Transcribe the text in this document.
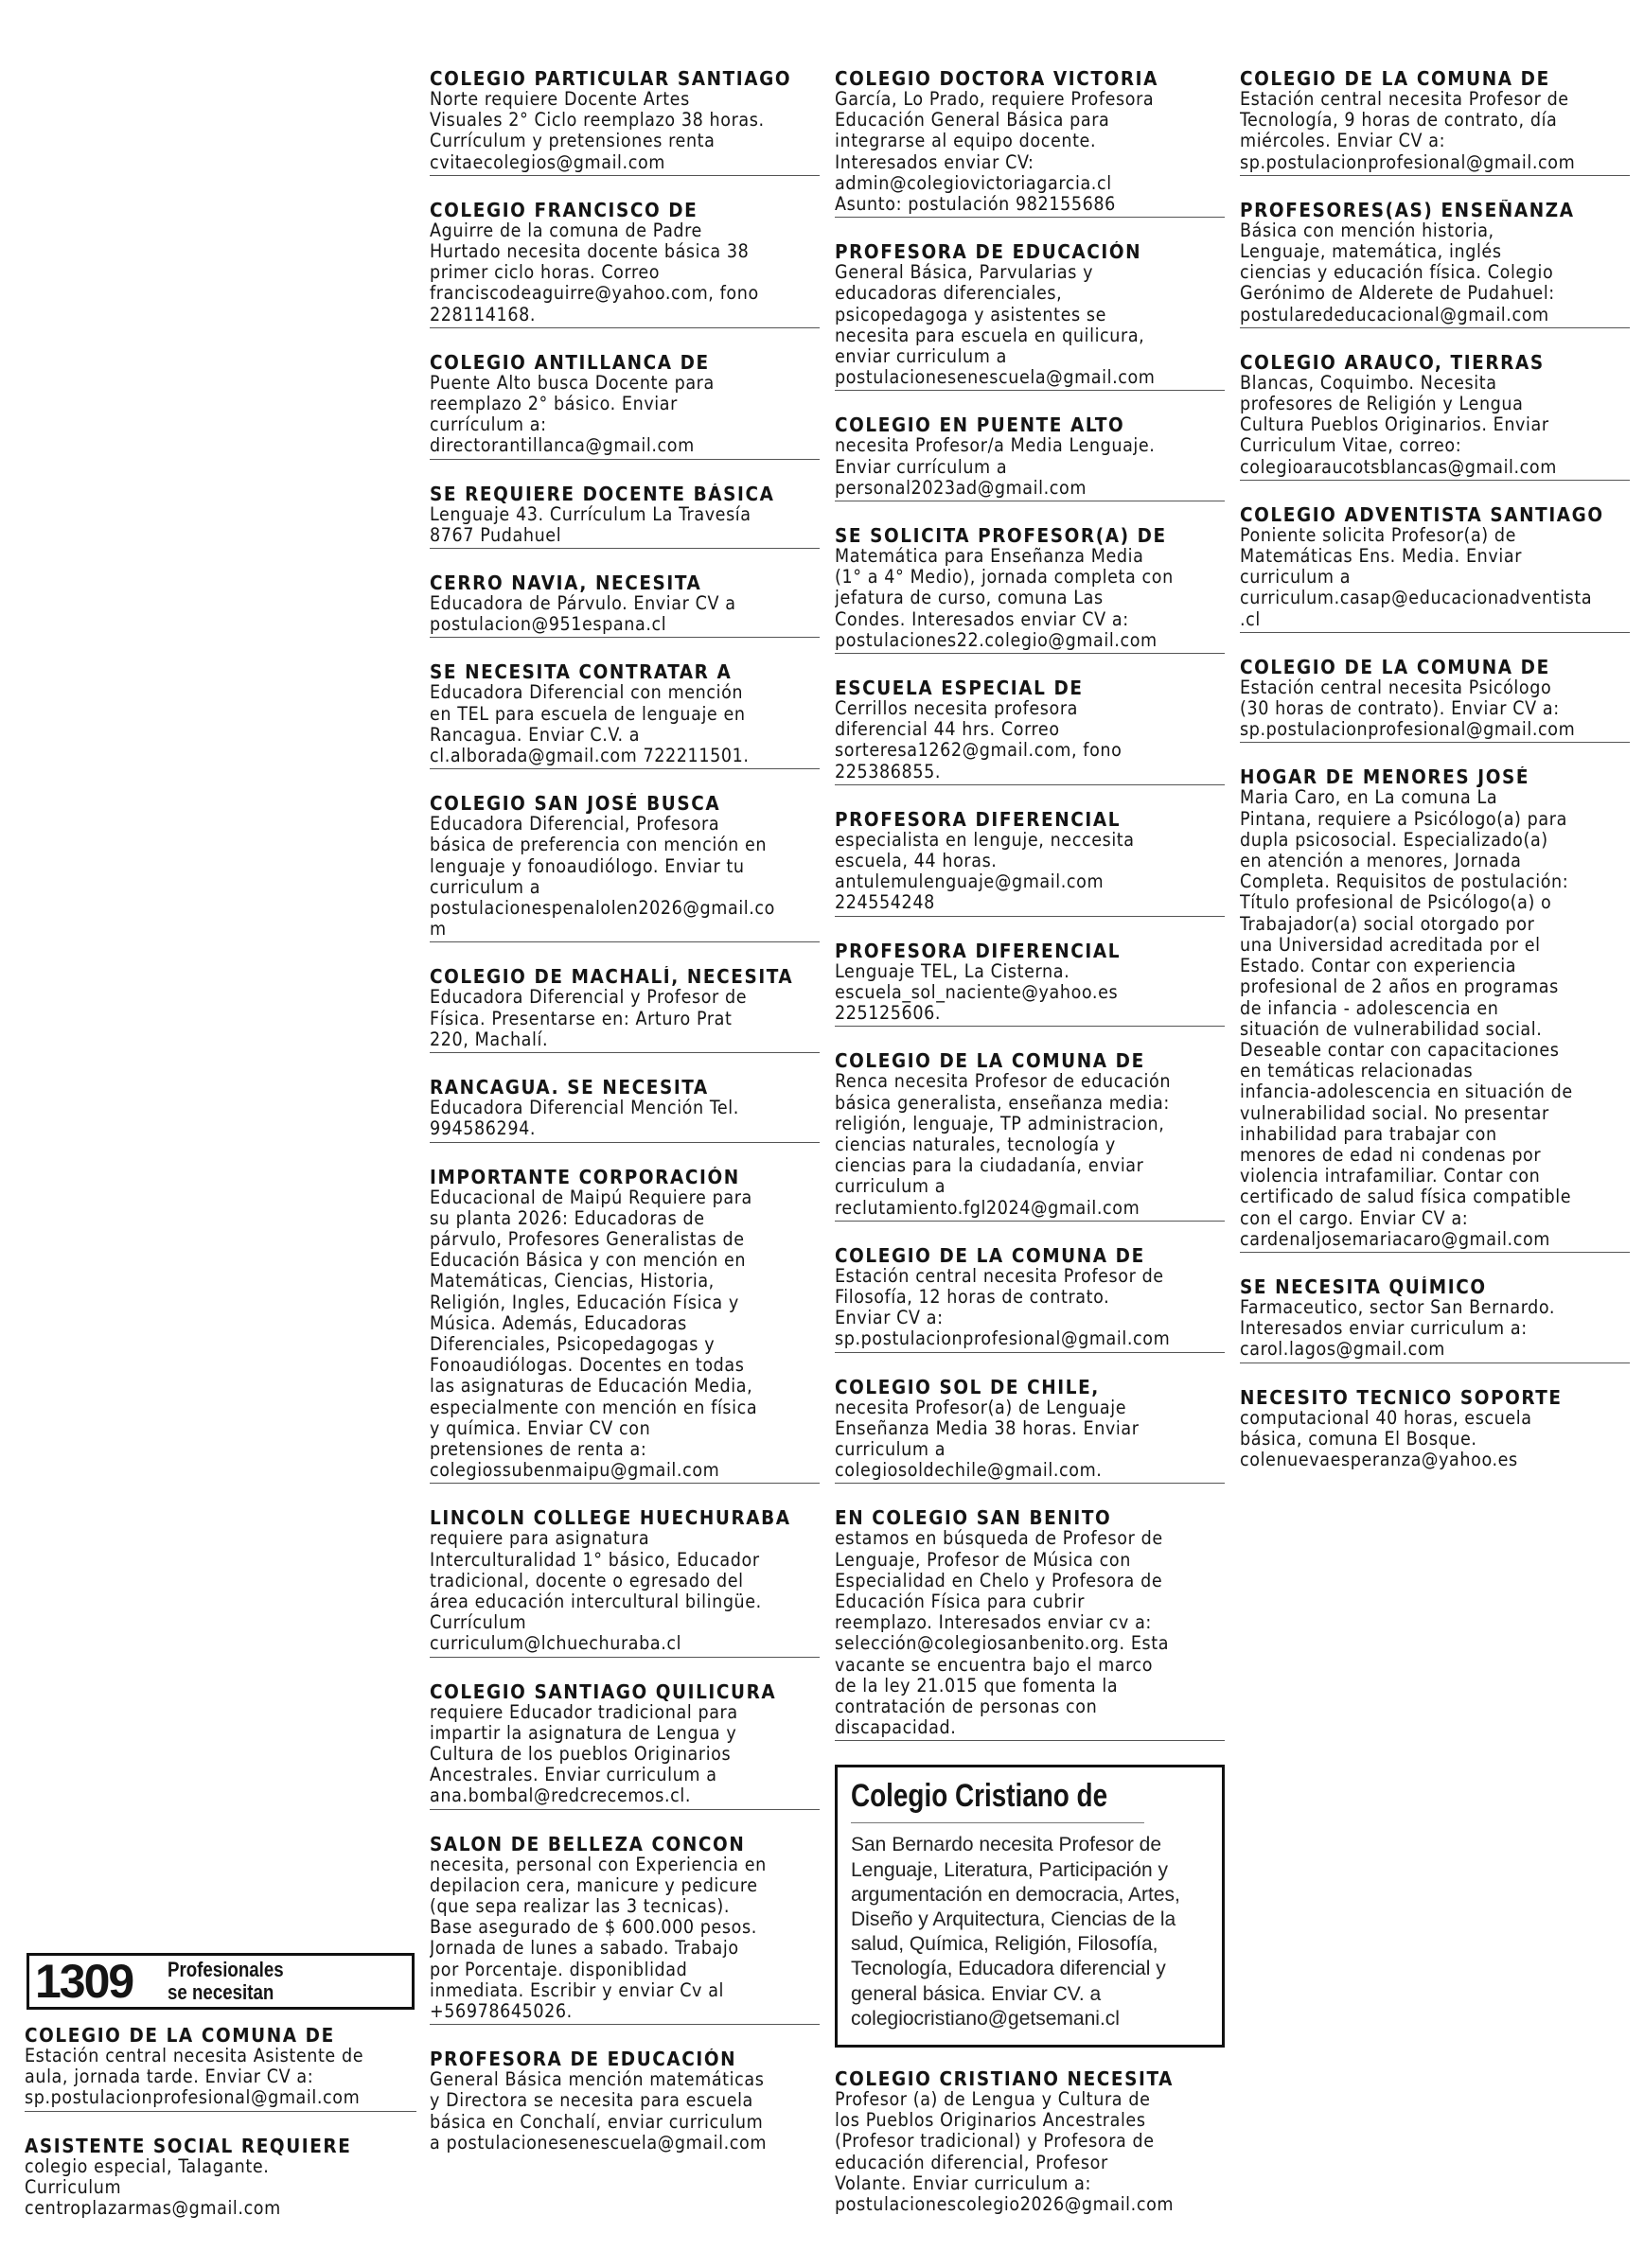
1309	Profesionales
se necesitan
COLEGIO DE LA COMUNA DE
Estación central necesita Asistente de
aula, jornada tarde. Enviar CV a:
sp.postulacionprofesional@gmail.com
ASISTENTE SOCIAL REQUIERE
colegio especial, Talagante.
Curriculum
centroplazarmas@gmail.com
COLEGIO PARTICULAR SANTIAGO
Norte requiere Docente Artes
Visuales 2° Ciclo reemplazo 38 horas.
Currículum y pretensiones renta
cvitaecolegios@gmail.com
COLEGIO FRANCISCO DE
Aguirre de la comuna de Padre
Hurtado necesita docente básica 38
primer ciclo horas. Correo
franciscodeaguirre@yahoo.com, fono
228114168.
COLEGIO ANTILLANCA DE
Puente Alto busca Docente para
reemplazo 2° básico. Enviar
currículum a:
directorantillanca@gmail.com
SE REQUIERE DOCENTE BÁSICA
Lenguaje 43. Currículum La Travesía
8767 Pudahuel
CERRO NAVIA, NECESITA
Educadora de Párvulo. Enviar CV a
postulacion@951espana.cl
SE NECESITA CONTRATAR A
Educadora Diferencial con mención
en TEL para escuela de lenguaje en
Rancagua. Enviar C.V. a
cl.alborada@gmail.com 722211501.
COLEGIO SAN JOSÉ BUSCA
Educadora Diferencial, Profesora
básica de preferencia con mención en
lenguaje y fonoaudiólogo. Enviar tu
curriculum a
postulacionespenalolen2026@gmail.co
m
COLEGIO DE MACHALÍ, NECESITA
Educadora Diferencial y Profesor de
Física. Presentarse en: Arturo Prat
220, Machalí.
RANCAGUA. SE NECESITA
Educadora Diferencial Mención Tel.
994586294.
IMPORTANTE CORPORACIÓN
Educacional de Maipú Requiere para
su planta 2026: Educadoras de
párvulo, Profesores Generalistas de
Educación Básica y con mención en
Matemáticas, Ciencias, Historia,
Religión, Ingles, Educación Física y
Música. Además, Educadoras
Diferenciales, Psicopedagogas y
Fonoaudiólogas. Docentes en todas
las asignaturas de Educación Media,
especialmente con mención en física
y química. Enviar CV con
pretensiones de renta a:
colegiossubenmaipu@gmail.com
LINCOLN COLLEGE HUECHURABA
requiere para asignatura
Interculturalidad 1° básico, Educador
tradicional, docente o egresado del
área educación intercultural bilingüe.
Currículum
curriculum@lchuechuraba.cl
COLEGIO SANTIAGO QUILICURA
requiere Educador tradicional para
impartir la asignatura de Lengua y
Cultura de los pueblos Originarios
Ancestrales. Enviar curriculum a
ana.bombal@redcrecemos.cl.
SALON DE BELLEZA CONCON
necesita, personal con Experiencia en
depilacion cera, manicure y pedicure
(que sepa realizar las 3 tecnicas).
Base asegurado de $ 600.000 pesos.
Jornada de lunes a sabado. Trabajo
por Porcentaje. disponiblidad
inmediata. Escribir y enviar Cv al
+56978645026.
PROFESORA DE EDUCACIÓN
General Básica mención matemáticas
y Directora se necesita para escuela
básica en Conchalí, enviar curriculum
a postulacionesenescuela@gmail.com
COLEGIO DOCTORA VICTORIA
García, Lo Prado, requiere Profesora
Educación General Básica para
integrarse al equipo docente.
Interesados enviar CV:
admin@colegiovictoriagarcia.cl
Asunto: postulación 982155686
PROFESORA DE EDUCACIÓN
General Básica, Parvularias y
educadoras diferenciales,
psicopedagoga y asistentes se
necesita para escuela en quilicura,
enviar curriculum a
postulacionesenescuela@gmail.com
COLEGIO EN PUENTE ALTO
necesita Profesor/a Media Lenguaje.
Enviar currículum a
personal2023ad@gmail.com
SE SOLICITA PROFESOR(A) DE
Matemática para Enseñanza Media
(1° a 4° Medio), jornada completa con
jefatura de curso, comuna Las
Condes. Interesados enviar CV a:
postulaciones22.colegio@gmail.com
ESCUELA ESPECIAL DE
Cerrillos necesita profesora
diferencial 44 hrs. Correo
sorteresa1262@gmail.com, fono
225386855.
PROFESORA DIFERENCIAL
especialista en lenguje, neccesita
escuela, 44 horas.
antulemulenguaje@gmail.com
224554248
PROFESORA DIFERENCIAL
Lenguaje TEL, La Cisterna.
escuela_sol_naciente@yahoo.es
225125606.
COLEGIO DE LA COMUNA DE
Renca necesita Profesor de educación
básica generalista, enseñanza media:
religión, lenguaje, TP administracion,
ciencias naturales, tecnología y
ciencias para la ciudadanía, enviar
curriculum a
reclutamiento.fgl2024@gmail.com
COLEGIO DE LA COMUNA DE
Estación central necesita Profesor de
Filosofía, 12 horas de contrato.
Enviar CV a:
sp.postulacionprofesional@gmail.com
COLEGIO SOL DE CHILE,
necesita Profesor(a) de Lenguaje
Enseñanza Media 38 horas. Enviar
curriculum a
colegiosoldechile@gmail.com.
EN COLEGIO SAN BENITO
estamos en búsqueda de Profesor de
Lenguaje, Profesor de Música con
Especialidad en Chelo y Profesora de
Educación Física para cubrir
reemplazo. Interesados enviar cv a:
selección@colegiosanbenito.org. Esta
vacante se encuentra bajo el marco
de la ley 21.015 que fomenta la
contratación de personas con
discapacidad.
Colegio Cristiano de
San Bernardo necesita Profesor de
Lenguaje, Literatura, Participación y
argumentación en democracia, Artes,
Diseño y Arquitectura, Ciencias de la
salud, Química, Religión, Filosofía,
Tecnología, Educadora diferencial y
general básica. Enviar CV. a
colegiocristiano@getsemani.cl
COLEGIO CRISTIANO NECESITA
Profesor (a) de Lengua y Cultura de
los Pueblos Originarios Ancestrales
(Profesor tradicional) y Profesora de
educación diferencial, Profesor
Volante. Enviar curriculum a:
postulacionescolegio2026@gmail.com
COLEGIO DE LA COMUNA DE
Estación central necesita Profesor de
Tecnología, 9 horas de contrato, día
miércoles. Enviar CV a:
sp.postulacionprofesional@gmail.com
PROFESORES(AS) ENSEÑANZA
Básica con mención historia,
Lenguaje, matemática, inglés
ciencias y educación física. Colegio
Gerónimo de Alderete de Pudahuel:
postularededucacional@gmail.com
COLEGIO ARAUCO, TIERRAS
Blancas, Coquimbo. Necesita
profesores de Religión y Lengua
Cultura Pueblos Originarios. Enviar
Curriculum Vitae, correo:
colegioaraucotsblancas@gmail.com
COLEGIO ADVENTISTA SANTIAGO
Poniente solicita Profesor(a) de
Matemáticas Ens. Media. Enviar
curriculum a
curriculum.casap@educacionadventista
.cl
COLEGIO DE LA COMUNA DE
Estación central necesita Psicólogo
(30 horas de contrato). Enviar CV a:
sp.postulacionprofesional@gmail.com
HOGAR DE MENORES JOSÉ
Maria Caro, en La comuna La
Pintana, requiere a Psicólogo(a) para
dupla psicosocial. Especializado(a)
en atención a menores, Jornada
Completa. Requisitos de postulación:
Título profesional de Psicólogo(a) o
Trabajador(a) social otorgado por
una Universidad acreditada por el
Estado. Contar con experiencia
profesional de 2 años en programas
de infancia - adolescencia en
situación de vulnerabilidad social.
Deseable contar con capacitaciones
en temáticas relacionadas
infancia-adolescencia en situación de
vulnerabilidad social. No presentar
inhabilidad para trabajar con
menores de edad ni condenas por
violencia intrafamiliar. Contar con
certificado de salud física compatible
con el cargo. Enviar CV a:
cardenaljosemariacaro@gmail.com
SE NECESITA QUÍMICO
Farmaceutico, sector San Bernardo.
Interesados enviar curriculum a:
carol.lagos@gmail.com
NECESITO TECNICO SOPORTE
computacional 40 horas, escuela
básica, comuna El Bosque.
colenuevaesperanza@yahoo.es
